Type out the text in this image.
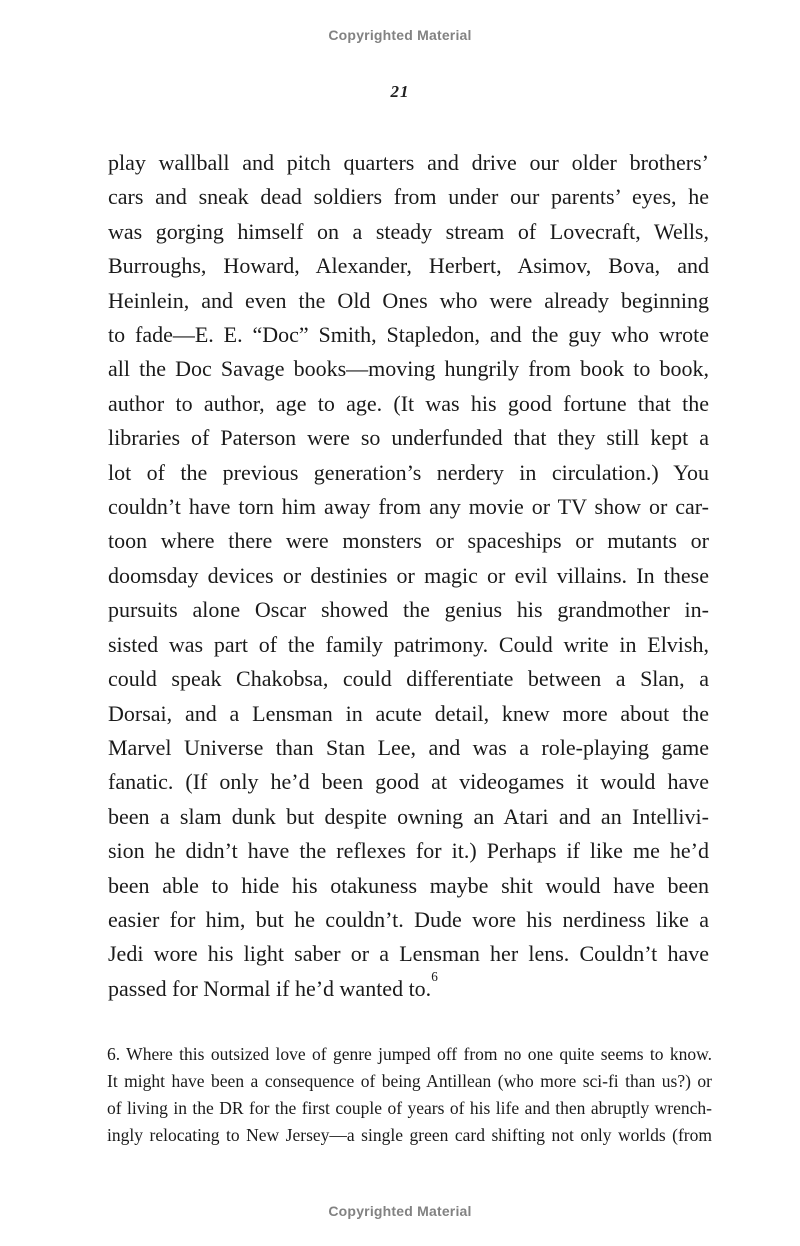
Copyrighted Material
21
play wallball and pitch quarters and drive our older brothers’
cars and sneak dead soldiers from under our parents’ eyes, he
was gorging himself on a steady stream of Lovecraft, Wells,
Burroughs, Howard, Alexander, Herbert, Asimov, Bova, and
Heinlein, and even the Old Ones who were already beginning
to fade—E. E. “Doc” Smith, Stapledon, and the guy who wrote
all the Doc Savage books—moving hungrily from book to book,
author to author, age to age. (It was his good fortune that the
libraries of Paterson were so underfunded that they still kept a
lot of the previous generation’s nerdery in circulation.) You
couldn’t have torn him away from any movie or TV show or car-
toon where there were monsters or spaceships or mutants or
doomsday devices or destinies or magic or evil villains. In these
pursuits alone Oscar showed the genius his grandmother in-
sisted was part of the family patrimony. Could write in Elvish,
could speak Chakobsa, could differentiate between a Slan, a
Dorsai, and a Lensman in acute detail, knew more about the
Marvel Universe than Stan Lee, and was a role-playing game
fanatic. (If only he’d been good at videogames it would have
been a slam dunk but despite owning an Atari and an Intellivi-
sion he didn’t have the reflexes for it.) Perhaps if like me he’d
been able to hide his otakuness maybe shit would have been
easier for him, but he couldn’t. Dude wore his nerdiness like a
Jedi wore his light saber or a Lensman her lens. Couldn’t have
passed for Normal if he’d wanted to.$^6$
6. Where this outsized love of genre jumped off from no one quite seems to know.
It might have been a consequence of being Antillean (who more sci-fi than us?) or
of living in the DR for the first couple of years of his life and then abruptly wrench-
ingly relocating to New Jersey—a single green card shifting not only worlds (from
Copyrighted Material
